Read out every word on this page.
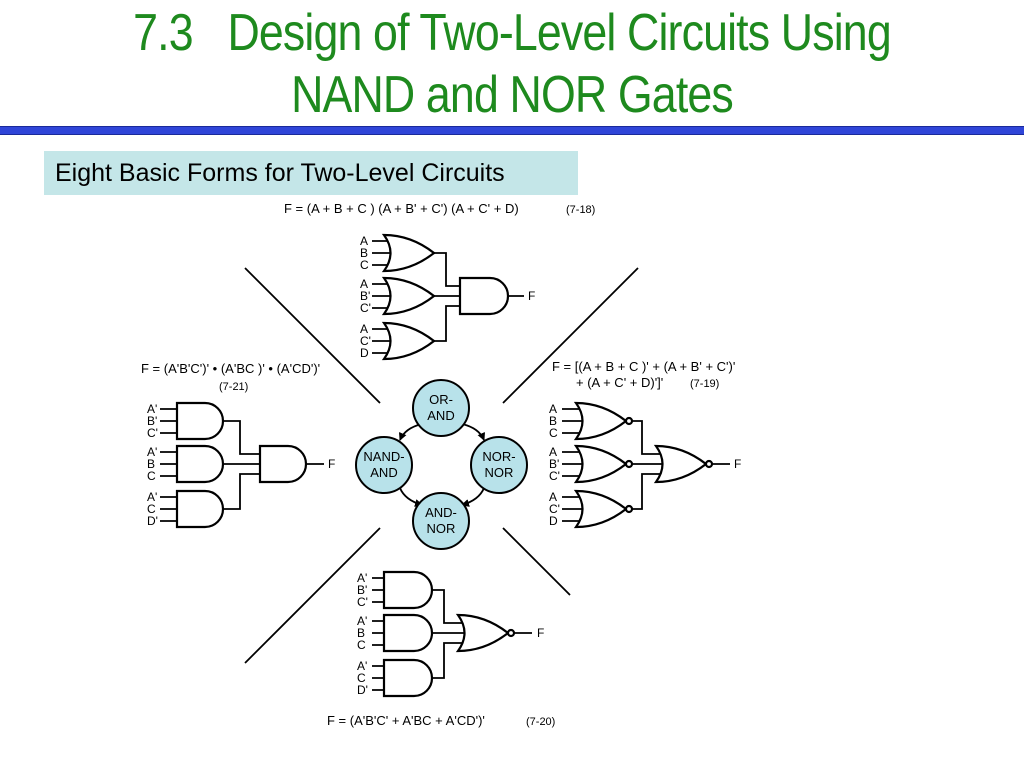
7.3   Design of Two-Level Circuits Using
NAND and NOR Gates
Eight Basic Forms for Two-Level Circuits
F = (A + B + C ) (A + B' + C') (A + C' + D)	(7-18)
A
B
C
A
B'
C'
A
C'
D
F
F = (A'B'C')' • (A'BC )' • (A'CD')'
(7-21)
A'
B'
C'
A'
B
C
A'
C
D'
F
F = [(A + B + C )' + (A + B' + C')'
+ (A + C' + D)']' (7-19)
A
B
C
A
B'
C'
A
C'
D
F
A'
B'
C'
A'
B
C
A'
C
D'
F
F = (A'B'C' + A'BC + A'CD')'	(7-20)
OR-
AND
NAND-
AND
NOR-
NOR
AND-
NOR
